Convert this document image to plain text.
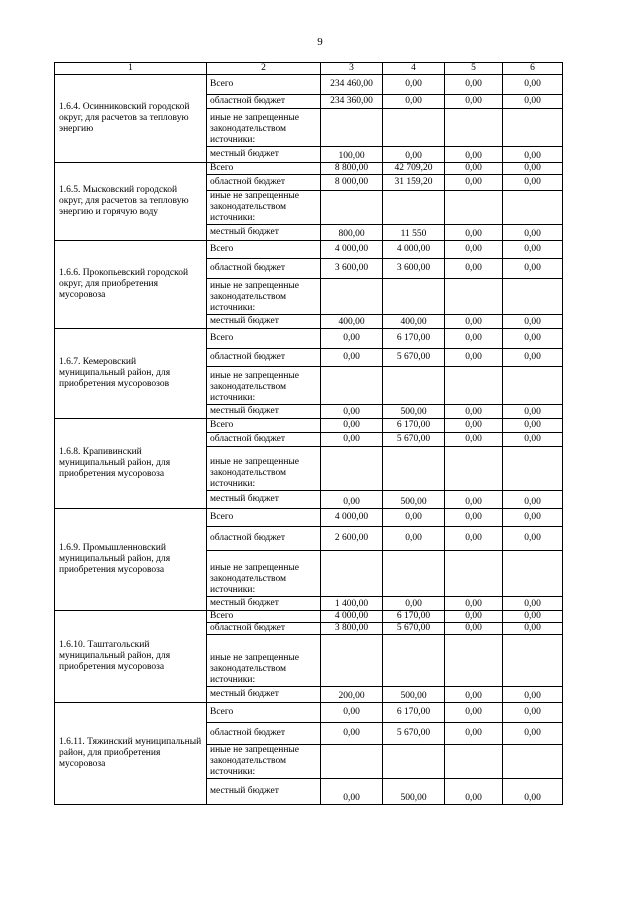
9
1	2	3	4	5	6
1.6.4. Осинниковский городской округ, для расчетов за тепловую энергию	Всего	234 460,00	0,00	0,00	0,00
	областной бюджет	234 360,00	0,00	0,00	0,00
	иные не запрещенные законодательством источники:				
	местный бюджет	100,00	0,00	0,00	0,00
1.6.5. Мысковский городской округ, для расчетов за тепловую энергию и горячую воду	Всего	8 800,00	42 709,20	0,00	0,00
	областной бюджет	8 000,00	31 159,20	0,00	0,00
	иные не запрещенные законодательством источники:				
	местный бюджет	800,00	11 550	0,00	0,00
1.6.6. Прокопьевский городской округ, для приобретения мусоровоза	Всего	4 000,00	4 000,00	0,00	0,00
	областной бюджет	3 600,00	3 600,00	0,00	0,00
	иные не запрещенные законодательством источники:				
	местный бюджет	400,00	400,00	0,00	0,00
1.6.7. Кемеровский муниципальный район, для приобретения мусоровозов	Всего	0,00	6 170,00	0,00	0,00
	областной бюджет	0,00	5 670,00	0,00	0,00
	иные не запрещенные законодательством источники:				
	местный бюджет	0,00	500,00	0,00	0,00
1.6.8. Крапивинский муниципальный район, для приобретения мусоровоза	Всего	0,00	6 170,00	0,00	0,00
	областной бюджет	0,00	5 670,00	0,00	0,00
	иные не запрещенные законодательством источники:				
	местный бюджет	0,00	500,00	0,00	0,00
1.6.9. Промышленновский муниципальный район, для приобретения мусоровоза	Всего	4 000,00	0,00	0,00	0,00
	областной бюджет	2 600,00	0,00	0,00	0,00
	иные не запрещенные законодательством источники:				
	местный бюджет	1 400,00	0,00	0,00	0,00
1.6.10. Таштагольский муниципальный район, для приобретения мусоровоза	Всего	4 000,00	6 170,00	0,00	0,00
	областной бюджет	3 800,00	5 670,00	0,00	0,00
	иные не запрещенные законодательством источники:				
	местный бюджет	200,00	500,00	0,00	0,00
1.6.11. Тяжинский муниципальный район, для приобретения мусоровоза	Всего	0,00	6 170,00	0,00	0,00
	областной бюджет	0,00	5 670,00	0,00	0,00
	иные не запрещенные законодательством источники:				
	местный бюджет	0,00	500,00	0,00	0,00
